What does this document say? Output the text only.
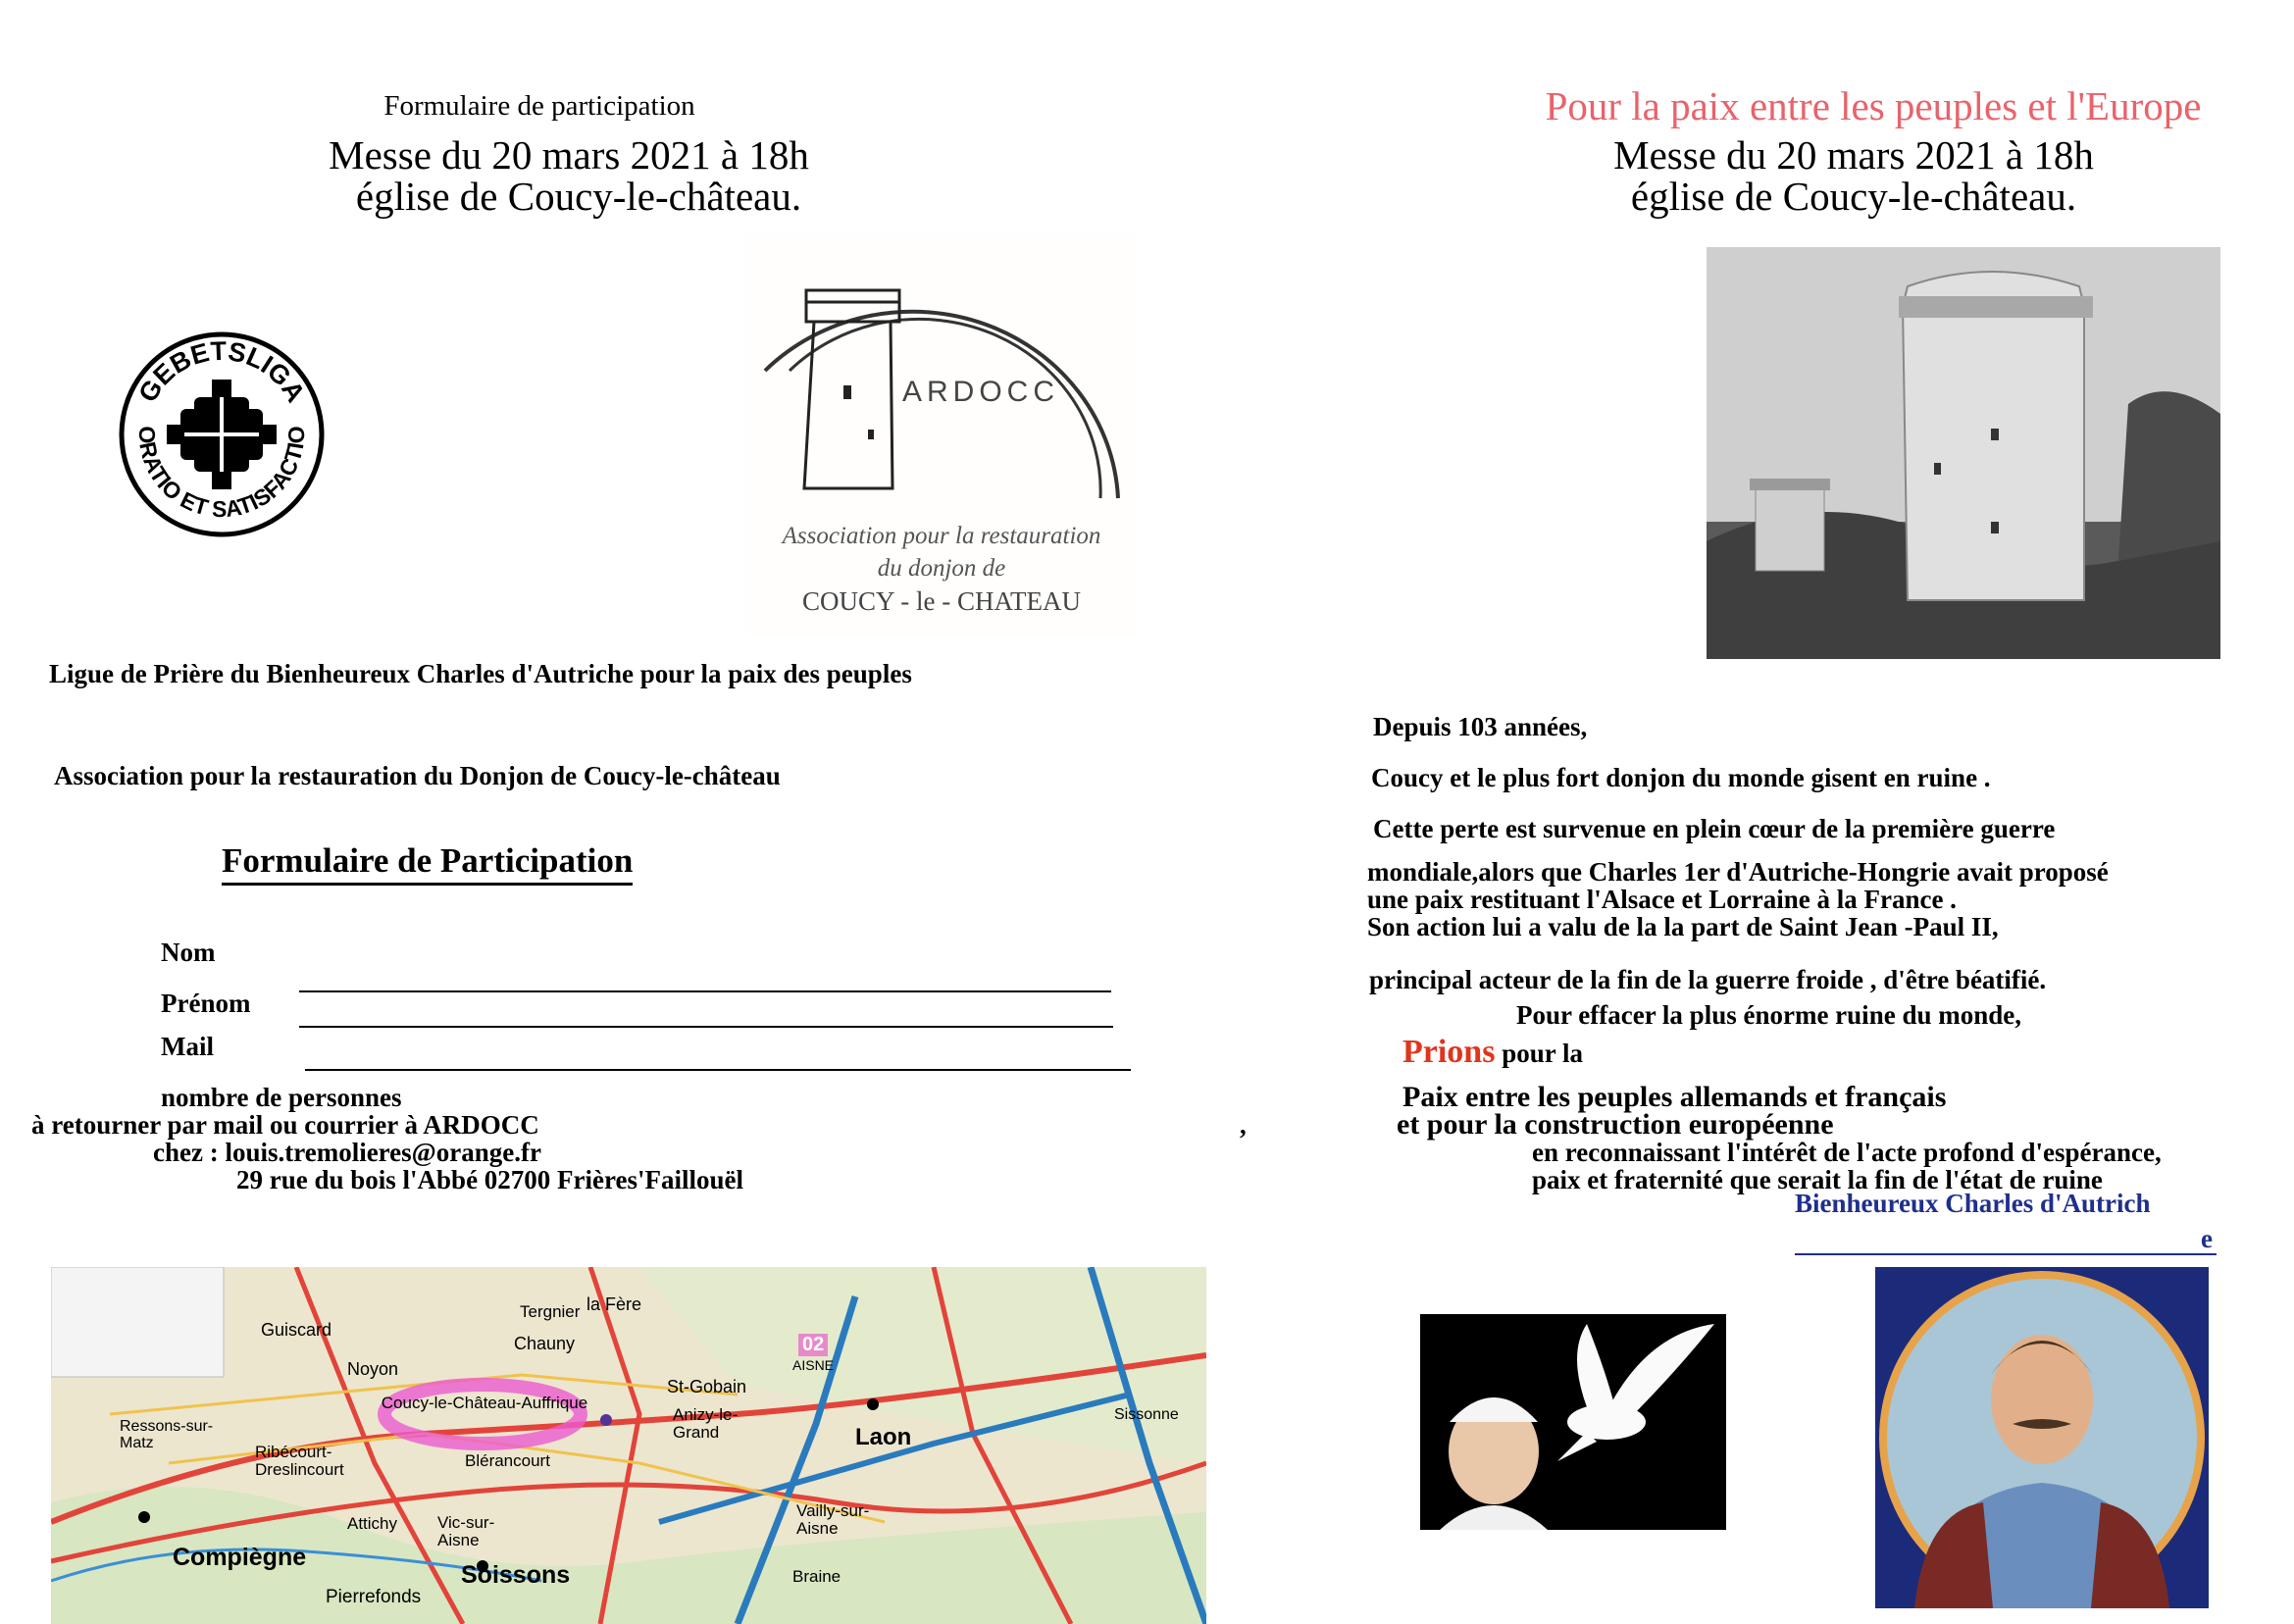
Formulaire de participation
Messe du 20 mars 2021 à 18h
église de Coucy-le-château.
GEBETSLIGA
ORATIO ET SATISFACTIO
ARDOCC
Association pour la restauration
du donjon de
COUCY - le - CHATEAU
Ligue de Prière du Bienheureux Charles d'Autriche pour la paix des peuples
Association pour la restauration du Donjon de Coucy-le-château
Formulaire de Participation
Nom
Prénom
Mail
nombre de personnes
à retourner par mail ou courrier à ARDOCC	,
chez : louis.tremolieres@orange.fr
29 rue du bois l'Abbé 02700 Frières'Faillouël
Coucy-le-Château-Auffrique
Laon
Compiègne
Soissons
Chauny
Noyon
Tergnier la Fère
St-Gobain
Anizy-le-Grand
Blérancourt
Ribécourt-Dreslincourt
Ressons-sur-Matz
Guiscard
Attichy Vic-sur-Aisne
Vailly-sur-Aisne
Braine
Pierrefonds
Sissonne
AISNE
02
Pour la paix entre les peuples et l'Europe
Messe du 20 mars 2021 à 18h
église de Coucy-le-château.
Depuis 103 années,
Coucy et le plus fort donjon du monde gisent en ruine .
Cette perte est survenue en plein cœur de la première guerre
mondiale,alors que Charles 1er d'Autriche-Hongrie avait proposé
une paix restituant l'Alsace et Lorraine à la France .
Son action lui a valu de la la part de Saint Jean -Paul II,
principal acteur de la fin de la guerre froide , d'être béatifié.
Pour effacer la plus énorme ruine du monde,
Prions pour la
Paix entre les peuples allemands et français
et pour la construction européenne
en reconnaissant l'intérêt de l'acte profond d'espérance,
paix et fraternité que serait la fin de l'état de ruine
Bienheureux Charles d'Autrich
e
